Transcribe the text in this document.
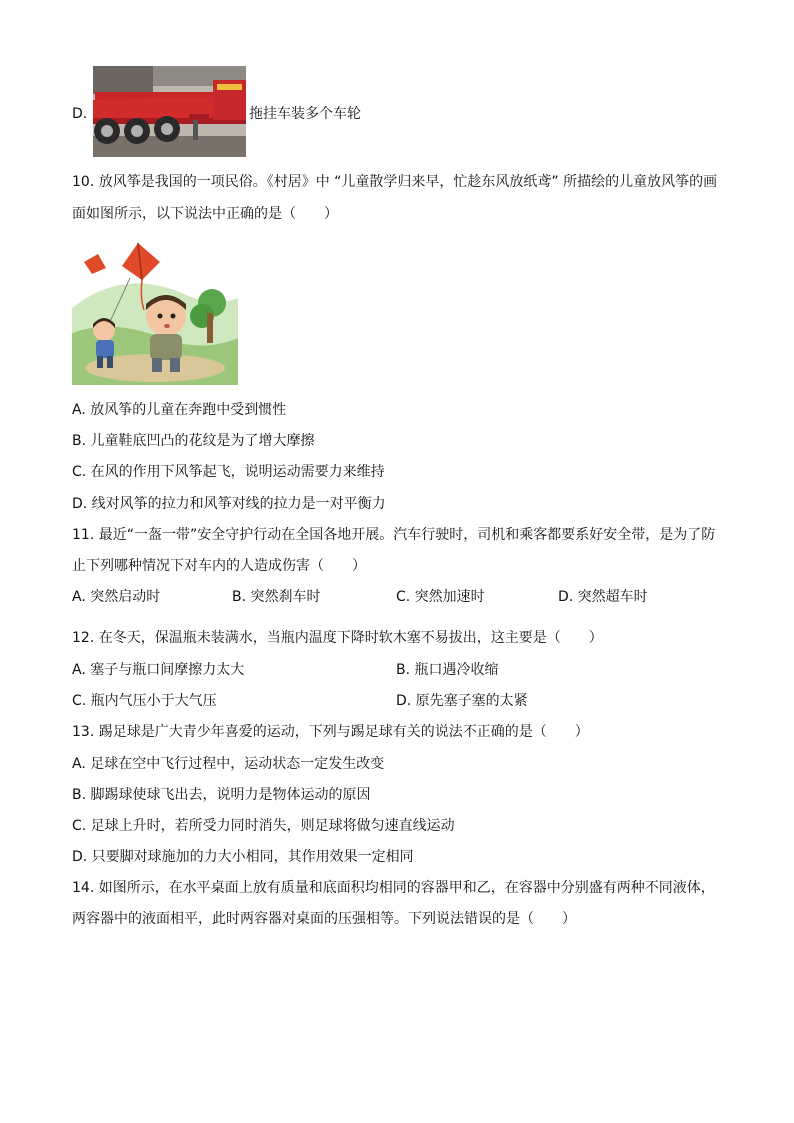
D.	拖挂车装多个车轮
10. 放风筝是我国的一项民俗。《村居》中 “儿童散学归来早，忙趁东风放纸鸢” 所描绘的儿童放风筝的画
面如图所示，以下说法中正确的是（　　）
A. 放风筝的儿童在奔跑中受到惯性
B. 儿童鞋底凹凸的花纹是为了增大摩擦
C. 在风的作用下风筝起飞，说明运动需要力来维持
D. 线对风筝的拉力和风筝对线的拉力是一对平衡力
11. 最近“一盔一带”安全守护行动在全国各地开展。汽车行驶时，司机和乘客都要系好安全带，是为了防
止下列哪种情况下对车内的人造成伤害（　　）
A. 突然启动时	B. 突然刹车时	C. 突然加速时	D. 突然超车时
12. 在冬天，保温瓶未装满水，当瓶内温度下降时软木塞不易拔出，这主要是（　　）
A. 塞子与瓶口间摩擦力太大	B. 瓶口遇冷收缩
C. 瓶内气压小于大气压	D. 原先塞子塞的太紧
13. 踢足球是广大青少年喜爱的运动，下列与踢足球有关的说法不正确的是（　　）
A. 足球在空中飞行过程中，运动状态一定发生改变
B. 脚踢球使球飞出去，说明力是物体运动的原因
C. 足球上升时，若所受力同时消失，则足球将做匀速直线运动
D. 只要脚对球施加的力大小相同，其作用效果一定相同
14. 如图所示，在水平桌面上放有质量和底面积均相同的容器甲和乙，在容器中分别盛有两种不同液体，
两容器中的液面相平，此时两容器对桌面的压强相等。下列说法错误的是（　　）
